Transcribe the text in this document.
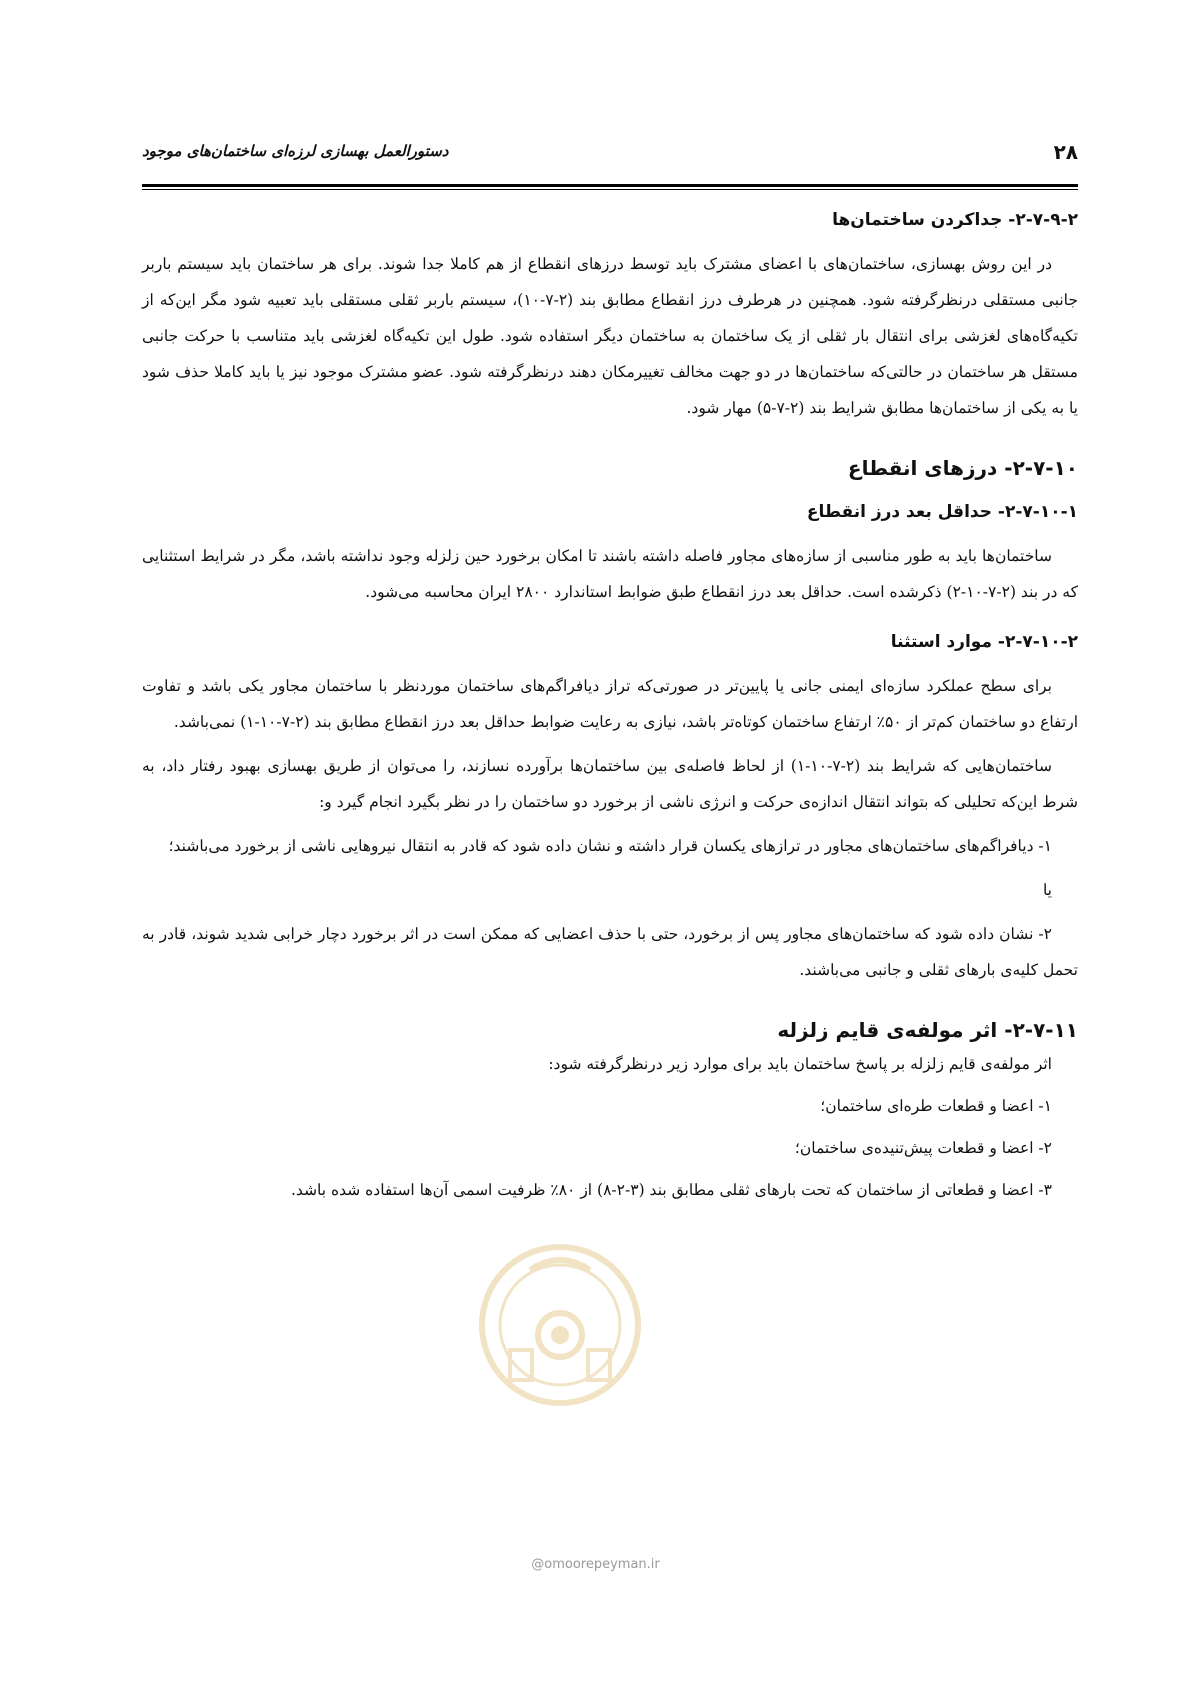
۲۸
دستورالعمل بهسازی لرزه‌ای ساختمان‌های موجود
۲-۷-۹-۲- جداکردن ساختمان‌ها

در این روش بهسازی، ساختمان‌های با اعضای مشترک باید توسط درزهای انقطاع از هم کاملا جدا شوند. برای هر ساختمان باید سیستم باربر جانبی مستقلی درنظرگرفته شود. همچنین در هرطرف درز انقطاع مطابق بند (۲-۷-۱۰)، سیستم باربر ثقلی مستقلی باید تعبیه شود مگر این‌که از تکیه‌گاه‌های لغزشی برای انتقال بار ثقلی از یک ساختمان به ساختمان دیگر استفاده شود. طول این تکیه‌گاه لغزشی باید متناسب با حرکت جانبی مستقل هر ساختمان در حالتی‌که ساختمان‌ها در دو جهت مخالف تغییرمکان دهند درنظرگرفته شود. عضو مشترک موجود نیز یا باید کاملا حذف شود یا به یکی از ساختمان‌ها مطابق شرایط بند (۲-۷-۵) مهار شود.

۲-۷-۱۰- درزهای انقطاع
۲-۷-۱۰-۱- حداقل بعد درز انقطاع

ساختمان‌ها باید به طور مناسبی از سازه‌های مجاور فاصله داشته باشند تا امکان برخورد حین زلزله وجود نداشته باشد، مگر در شرایط استثنایی که در بند (۲-۷-۱۰-۲) ذکرشده است. حداقل بعد درز انقطاع طبق ضوابط استاندارد ۲۸۰۰ ایران محاسبه می‌شود.

۲-۷-۱۰-۲- موارد استثنا

برای سطح عملکرد سازه‌ای ایمنی جانی یا پایین‌تر در صورتی‌که تراز دیافراگم‌های ساختمان موردنظر با ساختمان مجاور یکی باشد و تفاوت ارتفاع دو ساختمان کم‌تر از ۵۰٪ ارتفاع ساختمان کوتاه‌تر باشد، نیازی به رعایت ضوابط حداقل بعد درز انقطاع مطابق بند (۲-۷-۱۰-۱) نمی‌باشد.

ساختمان‌هایی که شرایط بند (۲-۷-۱۰-۱) از لحاظ فاصله‌ی بین ساختمان‌ها برآورده نسازند، را می‌توان از طریق بهسازی بهبود رفتار داد، به شرط این‌که تحلیلی که بتواند انتقال اندازه‌ی حرکت و انرژی ناشی از برخورد دو ساختمان را در نظر بگیرد انجام گیرد و:

۱- دیافراگم‌های ساختمان‌های مجاور در ترازهای یکسان قرار داشته و نشان داده شود که قادر به انتقال نیروهایی ناشی از برخورد می‌باشند؛

یا

۲- نشان داده شود که ساختمان‌های مجاور پس از برخورد، حتی با حذف اعضایی که ممکن است در اثر برخورد دچار خرابی شدید شوند، قادر به تحمل کلیه‌ی بارهای ثقلی و جانبی می‌باشند.

۲-۷-۱۱- اثر مولفه‌ی قایم زلزله

اثر مولفه‌ی قایم زلزله بر پاسخ ساختمان باید برای موارد زیر درنظرگرفته شود:

۱- اعضا و قطعات طره‌ای ساختمان؛

۲- اعضا و قطعات پیش‌تنیده‌ی ساختمان؛

۳- اعضا و قطعاتی از ساختمان که تحت بارهای ثقلی مطابق بند (۳-۲-۸) از ۸۰٪ ظرفیت اسمی آن‌ها استفاده شده باشد.

@omoorepeyman.ir
